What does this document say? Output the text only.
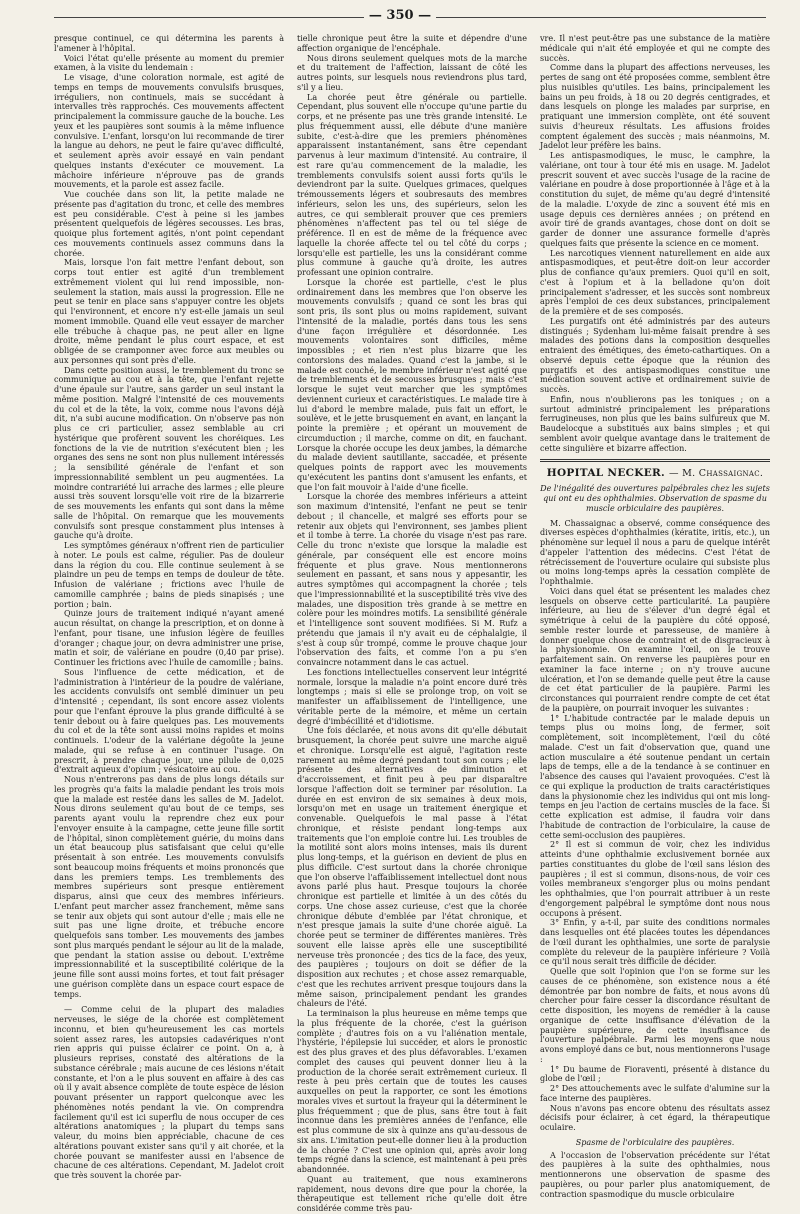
— 350 —

presque continuel, ce qui détermina les parents à l'amener à l'hôpital.

Voici l'état qu'elle présente au moment du premier examen, à la visite du lendemain :

Le visage, d'une coloration normale, est agité de temps en temps de mouvements convulsifs brusques, irréguliers, non continuels, mais se succédant à intervalles très rapprochés. Ces mouvements affectent principalement la commissure gauche de la bouche. Les yeux et les paupières sont soumis à la même influence convulsive. L'enfant, lorsqu'on lui recommande de tirer la langue au dehors, ne peut le faire qu'avec difficulté, et seulement après avoir essayé en vain pendant quelques instants d'exécuter ce mouvement. La mâchoire inférieure n'éprouve pas de grands mouvements, et la parole est assez facile.

Vue couchée dans son lit, la petite malade ne présente pas d'agitation du tronc, et celle des membres est peu considérable. C'est à peine si les jambes présentent quelquefois de légères secousses. Les bras, quoique plus fortement agités, n'ont point cependant ces mouvements continuels assez communs dans la chorée.

Mais, lorsque l'on fait mettre l'enfant debout, son corps tout entier est agité d'un tremblement extrêmement violent qui lui rend impossible, non-seulement la station, mais aussi la progression. Elle ne peut se tenir en place sans s'appuyer contre les objets qui l'environnent, et encore n'y est-elle jamais un seul moment immobile. Quand elle veut essayer de marcher elle trébuche à chaque pas, ne peut aller en ligne droite, même pendant le plus court espace, et est obligée de se cramponner avec force aux meubles ou aux personnes qui sont près d'elle.

Dans cette position aussi, le tremblement du tronc se communique au cou et à la tête, que l'enfant rejette d'une épaule sur l'autre, sans garder un seul instant la même position. Malgré l'intensité de ces mouvements du col et de la tête, la voix, comme nous l'avons déjà dit, n'a subi aucune modification. On n'observe pas non plus ce cri particulier, assez semblable au cri hystérique que profèrent souvent les choréiques. Les fonctions de la vie de nutrition s'exécutent bien ; les organes des sens ne sont non plus nullement intéressés ; la sensibilité générale de l'enfant et son impressionnabilité semblent un peu augmentées. La moindre contrariété lui arrache des larmes ; elle pleure aussi très souvent lorsqu'elle voit rire de la bizarrerie de ses mouvements les enfants qui sont dans la même salle de l'hôpital. On remarque que les mouvements convulsifs sont presque constamment plus intenses à gauche qu'à droite.

Les symptômes généraux n'offrent rien de particulier à noter. Le pouls est calme, régulier. Pas de douleur dans la région du cou. Elle continue seulement à se plaindre un peu de temps en temps de douleur de tête. Infusion de valériane ; frictions avec l'huile de camomille camphrée ; bains de pieds sinapisés ; une portion ; bain.

Quinze jours de traitement indiqué n'ayant amené aucun résultat, on change la prescription, et on donne à l'enfant, pour tisane, une infusion légère de feuilles d'oranger ; chaque jour, on devra administrer une prise, matin et soir, de valériane en poudre (0,40 par prise). Continuer les frictions avec l'huile de camomille ; bains.

Sous l'influence de cette médication, et de l'administration à l'intérieur de la poudre de valériane, les accidents convulsifs ont semblé diminuer un peu d'intensité ; cependant, ils sont encore assez violents pour que l'enfant éprouve la plus grande difficulté à se tenir debout ou à faire quelques pas. Les mouvements du col et de la tête sont aussi moins rapides et moins continuels. L'odeur de la valériane dégoûte la jeune malade, qui se refuse à en continuer l'usage. On prescrit, à prendre chaque jour, une pilule de 0,025 d'extrait aqueux d'opium ; vésicatoire au cou.

Nous n'entrerons pas dans de plus longs détails sur les progrès qu'a faits la maladie pendant les trois mois que la malade est restée dans les salles de M. Jadelot. Nous dirons seulement qu'au bout de ce temps, ses parents ayant voulu la reprendre chez eux pour l'envoyer ensuite à la campagne, cette jeune fille sortit de l'hôpital, sinon complètement guérie, du moins dans un état beaucoup plus satisfaisant que celui qu'elle présentait à son entrée. Les mouvements convulsifs sont beaucoup moins fréquents et moins prononcés que dans les premiers temps. Les tremblements des membres supérieurs sont presque entièrement disparus, ainsi que ceux des membres inférieurs. L'enfant peut marcher assez franchement, même sans se tenir aux objets qui sont autour d'elle ; mais elle ne suit pas une ligne droite, et trébuche encore quelquefois sans tomber. Les mouvements des jambes sont plus marqués pendant le séjour au lit de la malade, que pendant la station assise ou debout. L'extrême impressionnabilité et la susceptibilité colérique de la jeune fille sont aussi moins fortes, et tout fait présager une guérison complète dans un espace court espace de temps.

— Comme celui de la plupart des maladies nerveuses, le siége de la chorée est complètement inconnu, et bien qu'heureusement les cas mortels soient assez rares, les autopsies cadavériques n'ont rien appris qui puisse éclairer ce point. On a, à plusieurs reprises, constaté des altérations de la substance cérébrale ; mais aucune de ces lésions n'était constante, et l'on a le plus souvent en affaire à des cas où il y avait absence complète de toute espèce de lésion pouvant présenter un rapport quelconque avec les phénomènes notés pendant la vie. On comprendra facilement qu'il est ici superflu de nous occuper de ces altérations anatomiques ; la plupart du temps sans valeur, du moins bien appréciable, chacune de ces altérations pouvant exister sans qu'il y ait chorée, et la chorée pouvant se manifester aussi en l'absence de chacune de ces altérations. Cependant, M. Jadelot croit que très souvent la chorée par-

tielle chronique peut être la suite et dépendre d'une affection organique de l'encéphale.

Nous dirons seulement quelques mots de la marche et du traitement de l'affection, laissant de côté les autres points, sur lesquels nous reviendrons plus tard, s'il y a lieu.

La chorée peut être générale ou partielle. Cependant, plus souvent elle n'occupe qu'une partie du corps, et ne présente pas une très grande intensité. Le plus fréquemment aussi, elle débute d'une manière subite, c'est-à-dire que les premiers phénomènes apparaissent instantanément, sans être cependant parvenus à leur maximum d'intensité. Au contraire, il est rare qu'au commencement de la maladie, les tremblements convulsifs soient aussi forts qu'ils le deviendront par la suite. Quelques grimaces, quelques trémoussements légers et soubresauts des membres inférieurs, selon les uns, des supérieurs, selon les autres, ce qui semblerait prouver que ces premiers phénomènes n'affectent pas tel ou tel siége de préférence. Il en est de même de la fréquence avec laquelle la chorée affecte tel ou tel côté du corps ; lorsqu'elle est partielle, les uns la considérant comme plus commune à gauche qu'à droite, les autres professant une opinion contraire.

Lorsque la chorée est partielle, c'est le plus ordinairement dans les membres que l'on observe les mouvements convulsifs ; quand ce sont les bras qui sont pris, ils sont plus ou moins rapidement, suivant l'intensité de la maladie, portés dans tous les sens d'une façon irrégulière et désordonnée. Les mouvements volontaires sont difficiles, même impossibles ; et rien n'est plus bizarre que les contorsions des malades. Quand c'est la jambe, si le malade est couché, le membre inférieur n'est agité que de tremblements et de secousses brusques ; mais c'est lorsque le sujet veut marcher que les symptômes deviennent curieux et caractéristiques. Le malade tire à lui d'abord le membre malade, puis fait un effort, le soulève, et le jette brusquement en avant, en lançant la pointe la première ; et opérant un mouvement de circumduction ; il marche, comme on dit, en fauchant. Lorsque la chorée occupe les deux jambes, la démarche du malade devient sautillante, saccadée, et présente quelques points de rapport avec les mouvements qu'exécutent les pantins dont s'amusent les enfants, et que l'on fait mouvoir à l'aide d'une ficelle.

Lorsque la chorée des membres inférieurs a atteint son maximum d'intensité, l'enfant ne peut se tenir debout ; il chancelle, et malgré ses efforts pour se retenir aux objets qui l'environnent, ses jambes plient et il tombe à terre. La chorée du visage n'est pas rare. Celle du tronc n'existe que lorsque la maladie est générale, par conséquent elle est encore moins fréquente et plus grave. Nous mentionnerons seulement en passant, et sans nous y appesantir, les autres symptômes qui accompagnent la chorée ; tels que l'impressionnabilité et la susceptibilité très vive des malades, une disposition très grande à se mettre en colère pour les moindres motifs. La sensibilité générale et l'intelligence sont souvent modifiées. Si M. Rufz a prétendu que jamais il n'y avait eu de céphalalgie, il s'est à coup sûr trompé, comme le prouve chaque jour l'observation des faits, et comme l'on a pu s'en convaincre notamment dans le cas actuel.

Les fonctions intellectuelles conservent leur intégrité normale, lorsque la maladie n'a point encore duré très longtemps ; mais si elle se prolonge trop, on voit se manifester un affaiblissement de l'intelligence, une véritable perte de la mémoire, et même un certain degré d'imbécillité et d'idiotisme.

Une fois déclarée, et nous avons dit qu'elle débutait brusquement, la chorée peut suivre une marche aiguë et chronique. Lorsqu'elle est aiguë, l'agitation reste rarement au même degré pendant tout son cours ; elle présente des alternatives de diminution et d'accroissement, et finit peu à peu par disparaître lorsque l'affection doit se terminer par résolution. La durée en est environ de six semaines à deux mois, lorsqu'on met en usage un traitement énergique et convenable. Quelquefois le mal passe à l'état chronique, et résiste pendant long-temps aux traitements que l'on emploie contre lui. Les troubles de la motilité sont alors moins intenses, mais ils durent plus long-temps, et la guérison en devient de plus en plus difficile. C'est surtout dans la chorée chronique que l'on observe l'affaiblissement intellectuel dont nous avons parlé plus haut. Presque toujours la chorée chronique est partielle et limitée à un des côtés du corps. Une chose assez curieuse, c'est que la chorée chronique débute d'emblée par l'état chronique, et n'est presque jamais la suite d'une chorée aiguë. La chorée peut se terminer de différentes manières. Très souvent elle laisse après elle une susceptibilité nerveuse très prononcée ; des tics de la face, des yeux, des paupières ; toujours on doit se défier de la disposition aux rechutes ; et chose assez remarquable, c'est que les rechutes arrivent presque toujours dans la même saison, principalement pendant les grandes chaleurs de l'été.

La terminaison la plus heureuse en même temps que la plus fréquente de la chorée, c'est la guérison complète ; d'autres fois on a vu l'aliénation mentale, l'hystérie, l'épilepsie lui succéder, et alors le pronostic est des plus graves et des plus défavorables. L'examen complet des causes qui peuvent donner lieu à la production de la chorée serait extrêmement curieux. Il reste à peu près certain que de toutes les causes auxquelles on peut la rapporter, ce sont les émotions morales vives et surtout la frayeur qui la déterminent le plus fréquemment ; que de plus, sans être tout à fait inconnue dans les premières années de l'enfance, elle est plus commune de six à quinze ans qu'au-dessous de six ans. L'imitation peut-elle donner lieu à la production de la chorée ? C'est une opinion qui, après avoir long temps régné dans la science, est maintenant à peu près abandonnée.

Quant au traitement, que nous examinerons rapidement, nous devons dire que pour la chorée, la thérapeutique est tellement riche qu'elle doit être considérée comme très pau-

vre. Il n'est peut-être pas une substance de la matière médicale qui n'ait été employée et qui ne compte des succès.

Comme dans la plupart des affections nerveuses, les pertes de sang ont été proposées comme, semblent être plus nuisibles qu'utiles. Les bains, principalement les bains un peu froids, à 18 ou 20 degrés centigrades, et dans lesquels on plonge les malades par surprise, en pratiquant une immersion complète, ont été souvent suivis d'heureux résultats. Les affusions froides comptent également des succès ; mais néanmoins, M. Jadelot leur préfère les bains.

Les antispasmodiques, le musc, le camphre, la valériane, ont tour à tour été mis en usage. M. Jadelot prescrit souvent et avec succès l'usage de la racine de valériane en poudre à dose proportionnée à l'âge et à la constitution du sujet, de même qu'au degré d'intensité de la maladie. L'oxyde de zinc a souvent été mis en usage depuis ces dernières années ; on prétend en avoir tiré de grands avantages, chose dont on doit se garder de donner une assurance formelle d'après quelques faits que présente la science en ce moment.

Les narcotiques viennent naturellement en aide aux antispasmodiques, et peut-être doit-on leur accorder plus de confiance qu'aux premiers. Quoi qu'il en soit, c'est à l'opium et à la belladone qu'on doit principalement s'adresser, et les succès sont nombreux après l'emploi de ces deux substances, principalement de la première et de ses composés.

Les purgatifs ont été administrés par des auteurs distingués ; Sydenham lui-même faisait prendre à ses malades des potions dans la composition desquelles entraient des émétiques, des émeto-cathartiques. On a observé depuis cette époque que la réunion des purgatifs et des antispasmodiques constitue une médication souvent active et ordinairement suivie de succès.

Enfin, nous n'oublierons pas les toniques ; on a surtout administré principalement les préparations ferrugineuses, non plus que les bains sulfureux que M. Baudelocque a substitués aux bains simples ; et qui semblent avoir quelque avantage dans le traitement de cette singulière et bizarre affection.

HOPITAL NECKER. — M. Chassaignac.

De l'inégalité des ouvertures palpébrales chez les sujets qui ont eu des ophthalmies. Observation de spasme du muscle orbiculaire des paupières.

M. Chassaignac a observé, comme conséquence des diverses espèces d'ophthalmies (kératite, iritis, etc.), un phénomène sur lequel il nous a paru de quelque intérêt d'appeler l'attention des médecins. C'est l'état de rétrécissement de l'ouverture oculaire qui subsiste plus ou moins long-temps après la cessation complète de l'ophthalmie.

Voici dans quel état se présentent les malades chez lesquels on observe cette particularité. La paupière inférieure, au lieu de s'élever d'un degré égal et symétrique à celui de la paupière du côté opposé, semble rester lourde et paresseuse, de manière à donner quelque chose de contraint et de disgracieux à la physionomie. On examine l'œil, on le trouve parfaitement sain. On renverse les paupières pour en examiner la face interne ; on n'y trouve aucune ulcération, et l'on se demande quelle peut être la cause de cet état particulier de la paupière. Parmi les circonstances qui pourraient rendre compte de cet état de la paupière, on pourrait invoquer les suivantes :

1° L'habitude contractée par le malade depuis un temps plus ou moins long, de fermer, soit complètement, soit incomplètement, l'œil du côté malade. C'est un fait d'observation que, quand une action musculaire a été soutenue pendant un certain laps de temps, elle a de la tendance à se continuer en l'absence des causes qui l'avaient provoquées. C'est là ce qui explique la production de traits caractéristiques dans la physionomie chez les individus qui ont mis long-temps en jeu l'action de certains muscles de la face. Si cette explication est admise, il faudra voir dans l'habitude de contraction de l'orbiculaire, la cause de cette semi-occlusion des paupières.

2° Il est si commun de voir, chez les individus atteints d'une ophthalmie exclusivement bornée aux parties constituantes du globe de l'œil sans lésion des paupières ; il est si commun, disons-nous, de voir ces voiles membraneux s'engorger plus ou moins pendant les ophthalmies, que l'on pourrait attribuer à un reste d'engorgement palpébral le symptôme dont nous nous occupons à présent.

3° Enfin, y a-t-il, par suite des conditions normales dans lesquelles ont été placées toutes les dépendances de l'œil durant les ophthalmies, une sorte de paralysie complète du releveur de la paupière inférieure ? Voilà ce qu'il nous serait très difficile de décider.

Quelle que soit l'opinion que l'on se forme sur les causes de ce phénomène, son existence nous a été démontrée par bon nombre de faits, et nous avons dû chercher pour faire cesser la discordance résultant de cette disposition, les moyens de remédier à la cause organique de cette insuffisance d'élévation de la paupière supérieure, de cette insuffisance de l'ouverture palpébrale. Parmi les moyens que nous avons employé dans ce but, nous mentionnerons l'usage :

1° Du baume de Fioraventi, présenté à distance du globe de l'œil ;

2° Des attouchements avec le sulfate d'alumine sur la face interne des paupières.

Nous n'avons pas encore obtenu des résultats assez décisifs pour éclairer, à cet égard, la thérapeutique oculaire.

Spasme de l'orbiculaire des paupières.

A l'occasion de l'observation précédente sur l'état des paupières à la suite des ophthalmies, nous mentionnerons une observation de spasme des paupières, ou pour parler plus anatomiquement, de contraction spasmodique du muscle orbiculaire
